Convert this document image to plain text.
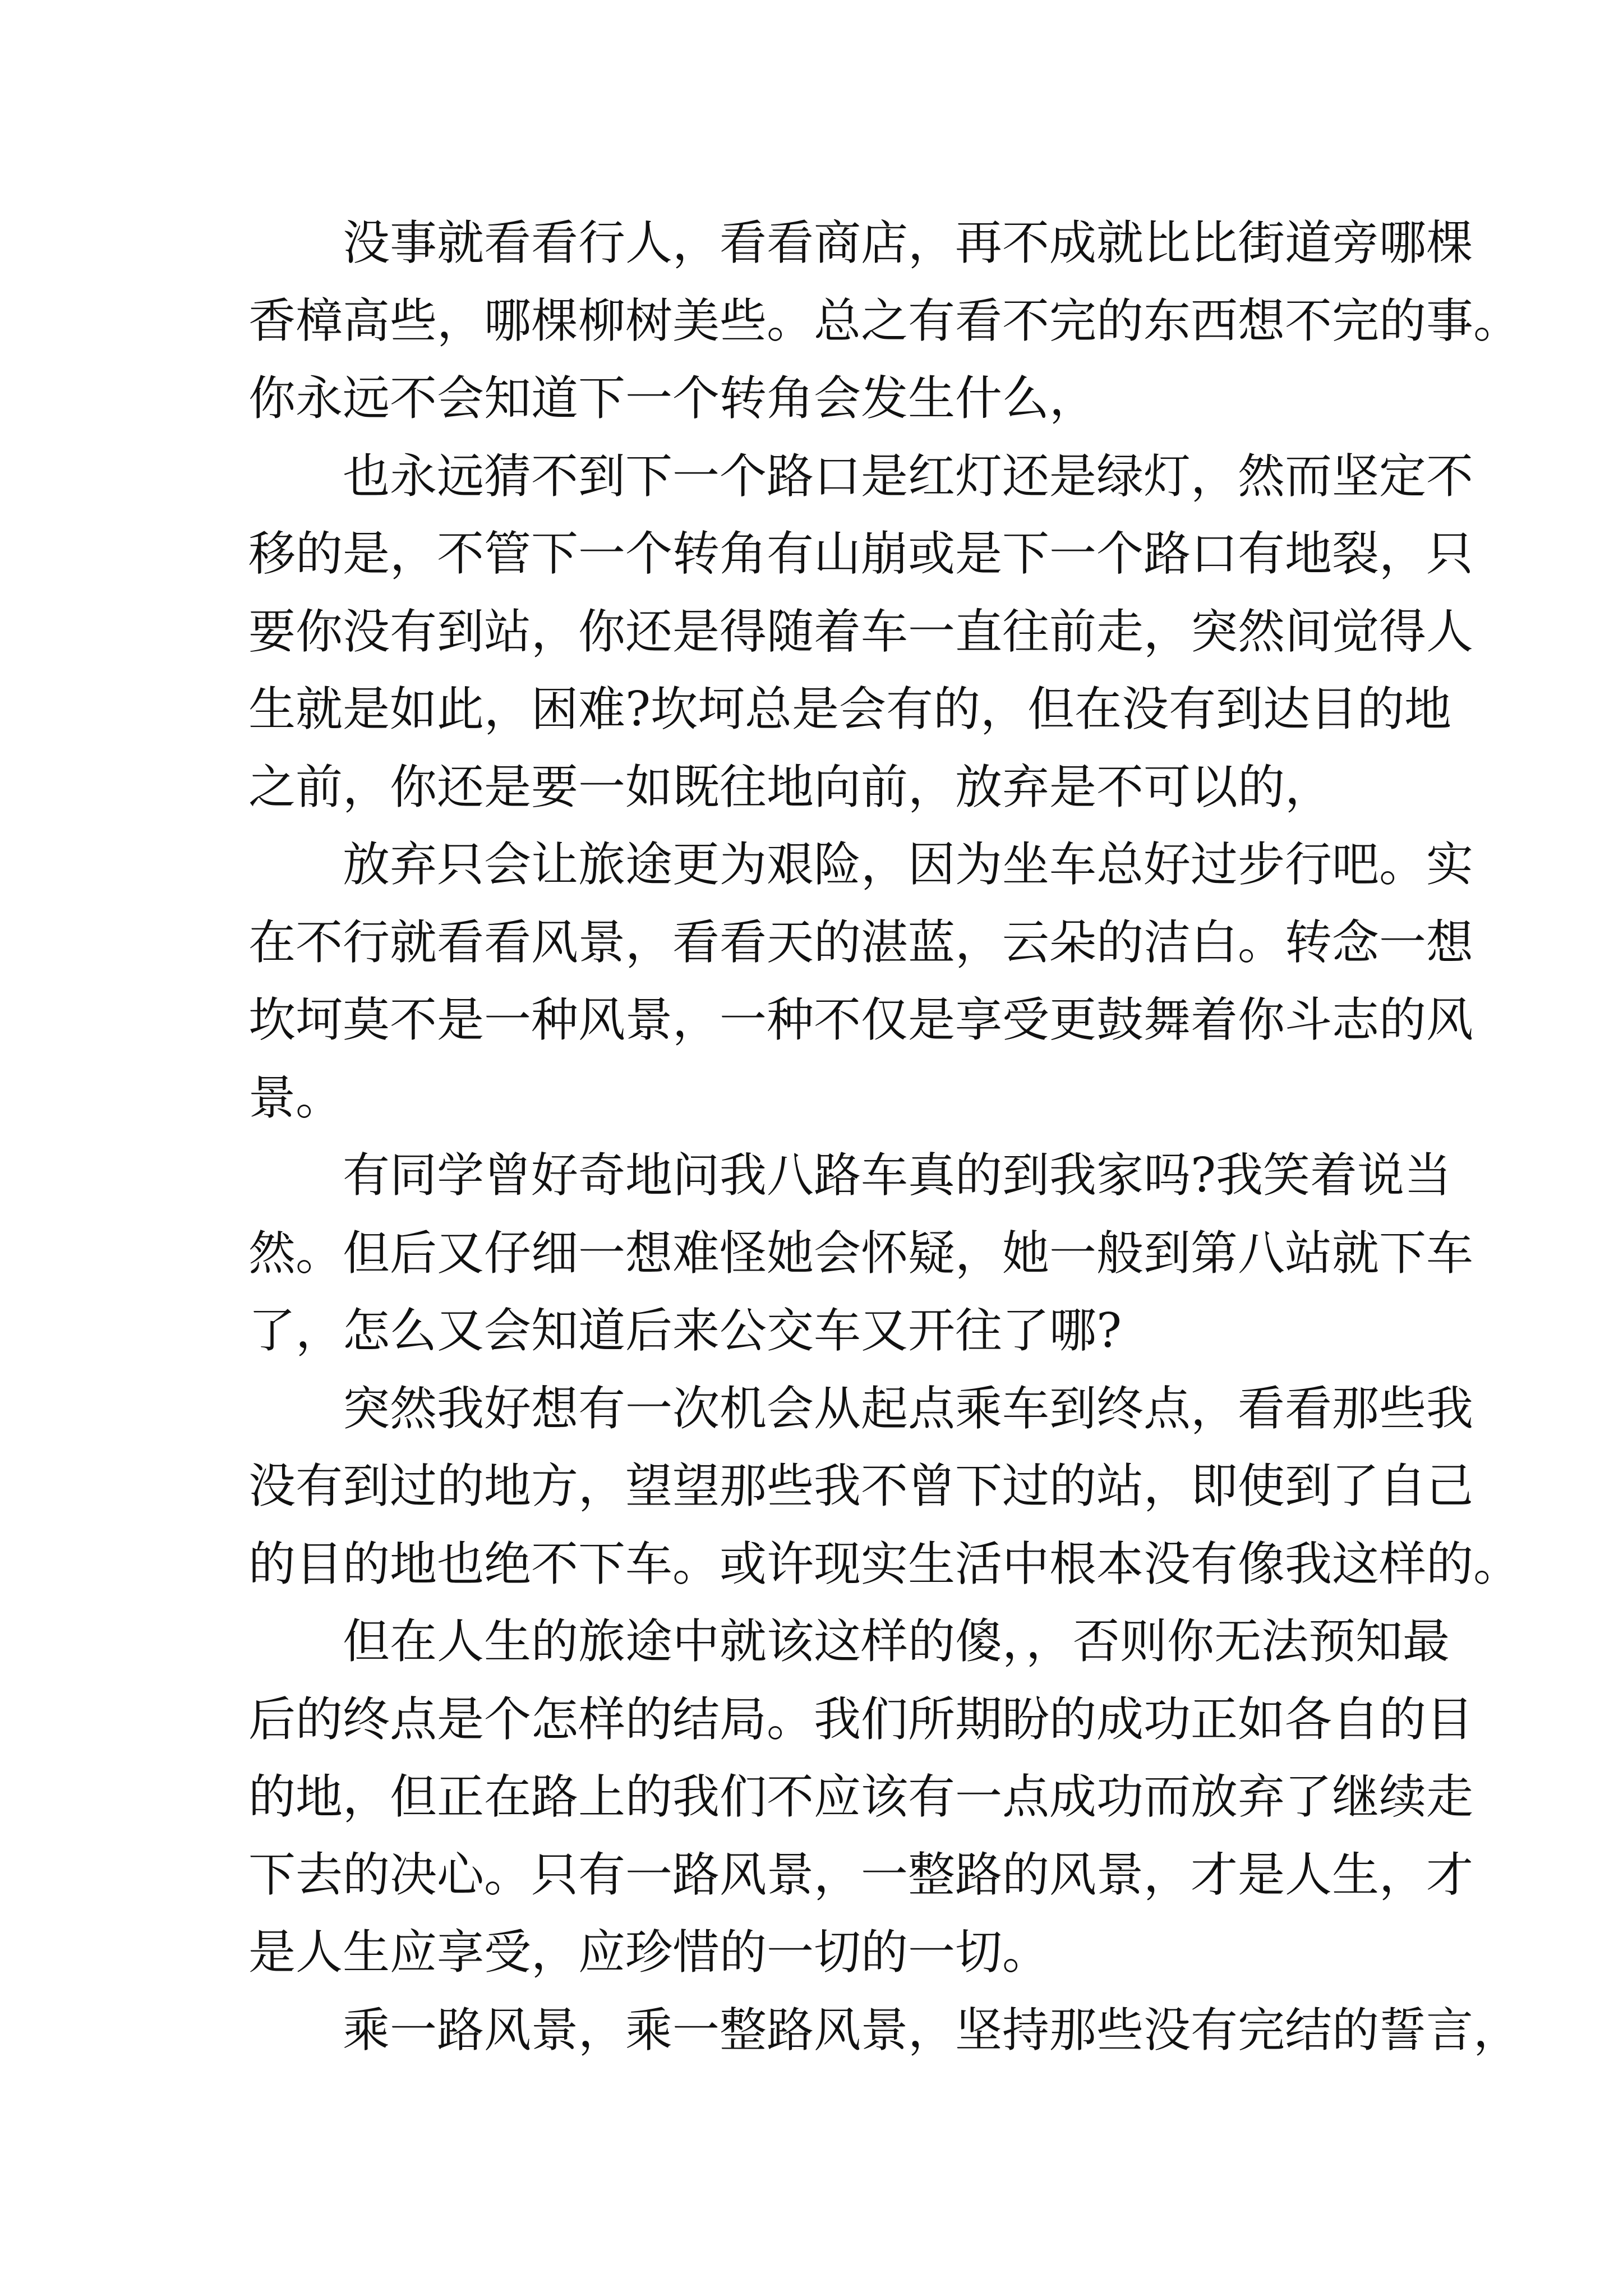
没事就看看行人，看看商店，再不成就比比街道旁哪棵
香樟高些，哪棵柳树美些。总之有看不完的东西想不完的事。
你永远不会知道下一个转角会发生什么，

也永远猜不到下一个路口是红灯还是绿灯，然而坚定不
移的是，不管下一个转角有山崩或是下一个路口有地裂，只
要你没有到站，你还是得随着车一直往前走，突然间觉得人
生就是如此，困难?坎坷总是会有的，但在没有到达目的地
之前，你还是要一如既往地向前，放弃是不可以的，

放弃只会让旅途更为艰险，因为坐车总好过步行吧。实
在不行就看看风景，看看天的湛蓝，云朵的洁白。转念一想
坎坷莫不是一种风景，一种不仅是享受更鼓舞着你斗志的风
景。

有同学曾好奇地问我八路车真的到我家吗?我笑着说当
然。但后又仔细一想难怪她会怀疑，她一般到第八站就下车
了，怎么又会知道后来公交车又开往了哪?

突然我好想有一次机会从起点乘车到终点，看看那些我
没有到过的地方，望望那些我不曾下过的站，即使到了自己
的目的地也绝不下车。或许现实生活中根本没有像我这样的。

但在人生的旅途中就该这样的傻，，否则你无法预知最
后的终点是个怎样的结局。我们所期盼的成功正如各自的目
的地，但正在路上的我们不应该有一点成功而放弃了继续走
下去的决心。只有一路风景，一整路的风景，才是人生，才
是人生应享受，应珍惜的一切的一切。

乘一路风景，乘一整路风景，坚持那些没有完结的誓言，
